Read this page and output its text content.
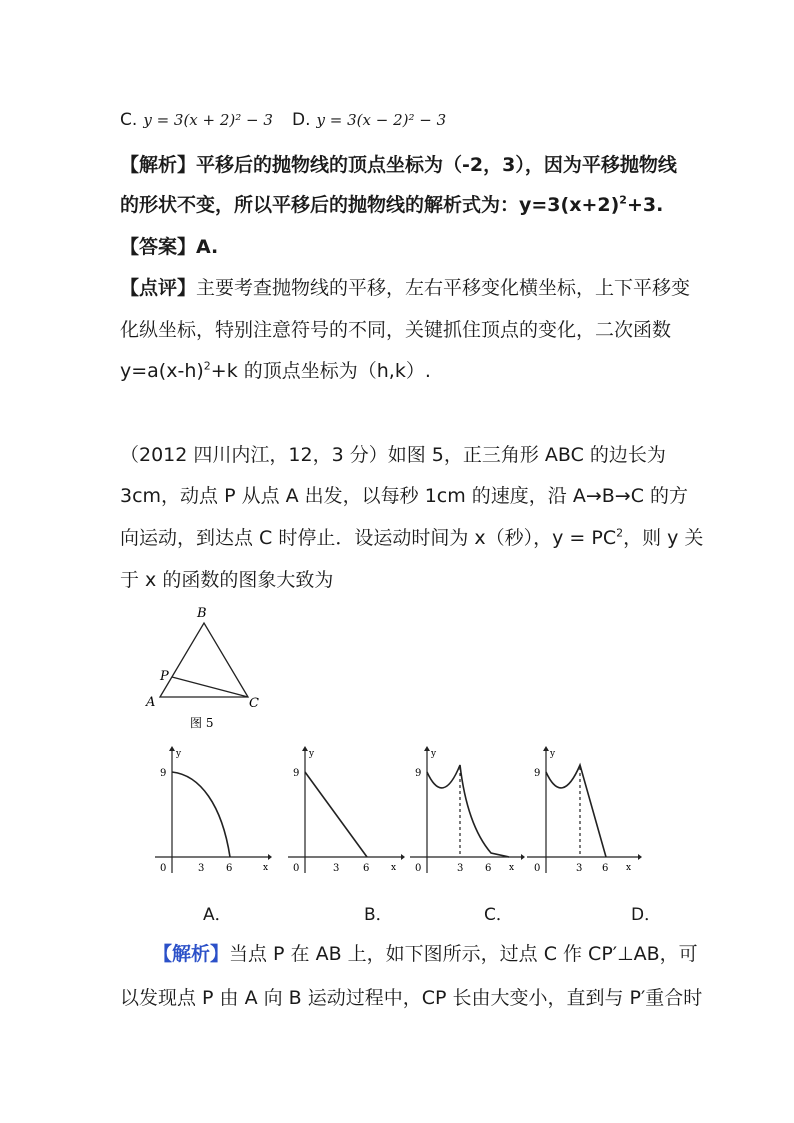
C. y = 3(x + 2)² − 3 D. y = 3(x − 2)² − 3
【解析】平移后的抛物线的顶点坐标为（-2，3），因为平移抛物线
的形状不变，所以平移后的抛物线的解析式为：$y=3(x+2)^2+3$.
【答案】A.
【点评】主要考查抛物线的平移，左右平移变化横坐标，上下平移变
化纵坐标，特别注意符号的不同，关键抓住顶点的变化，二次函数
$y=a(x-h)^2+k$ 的顶点坐标为（h,k）.
（2012 四川内江，12，3 分）如图 5，正三角形 ABC 的边长为
3cm，动点 P 从点 A 出发，以每秒 1cm 的速度，沿 A→B→C 的方
向运动，到达点 C 时停止．设运动时间为 x（秒），$y = PC^2$，则 y 关
于 x 的函数的图象大致为
B
P
A	C
图 5
y
x
0
9
3 6
y
x
0
9
3 6
y
x
0
9
3 6
y
x
0
9
3 6
A．	B．	C．	D．
【解析】当点 P 在 AB 上，如下图所示，过点 C 作 CP′⊥AB，可
以发现点 P 由 A 向 B 运动过程中，CP 长由大变小，直到与 P′重合时
